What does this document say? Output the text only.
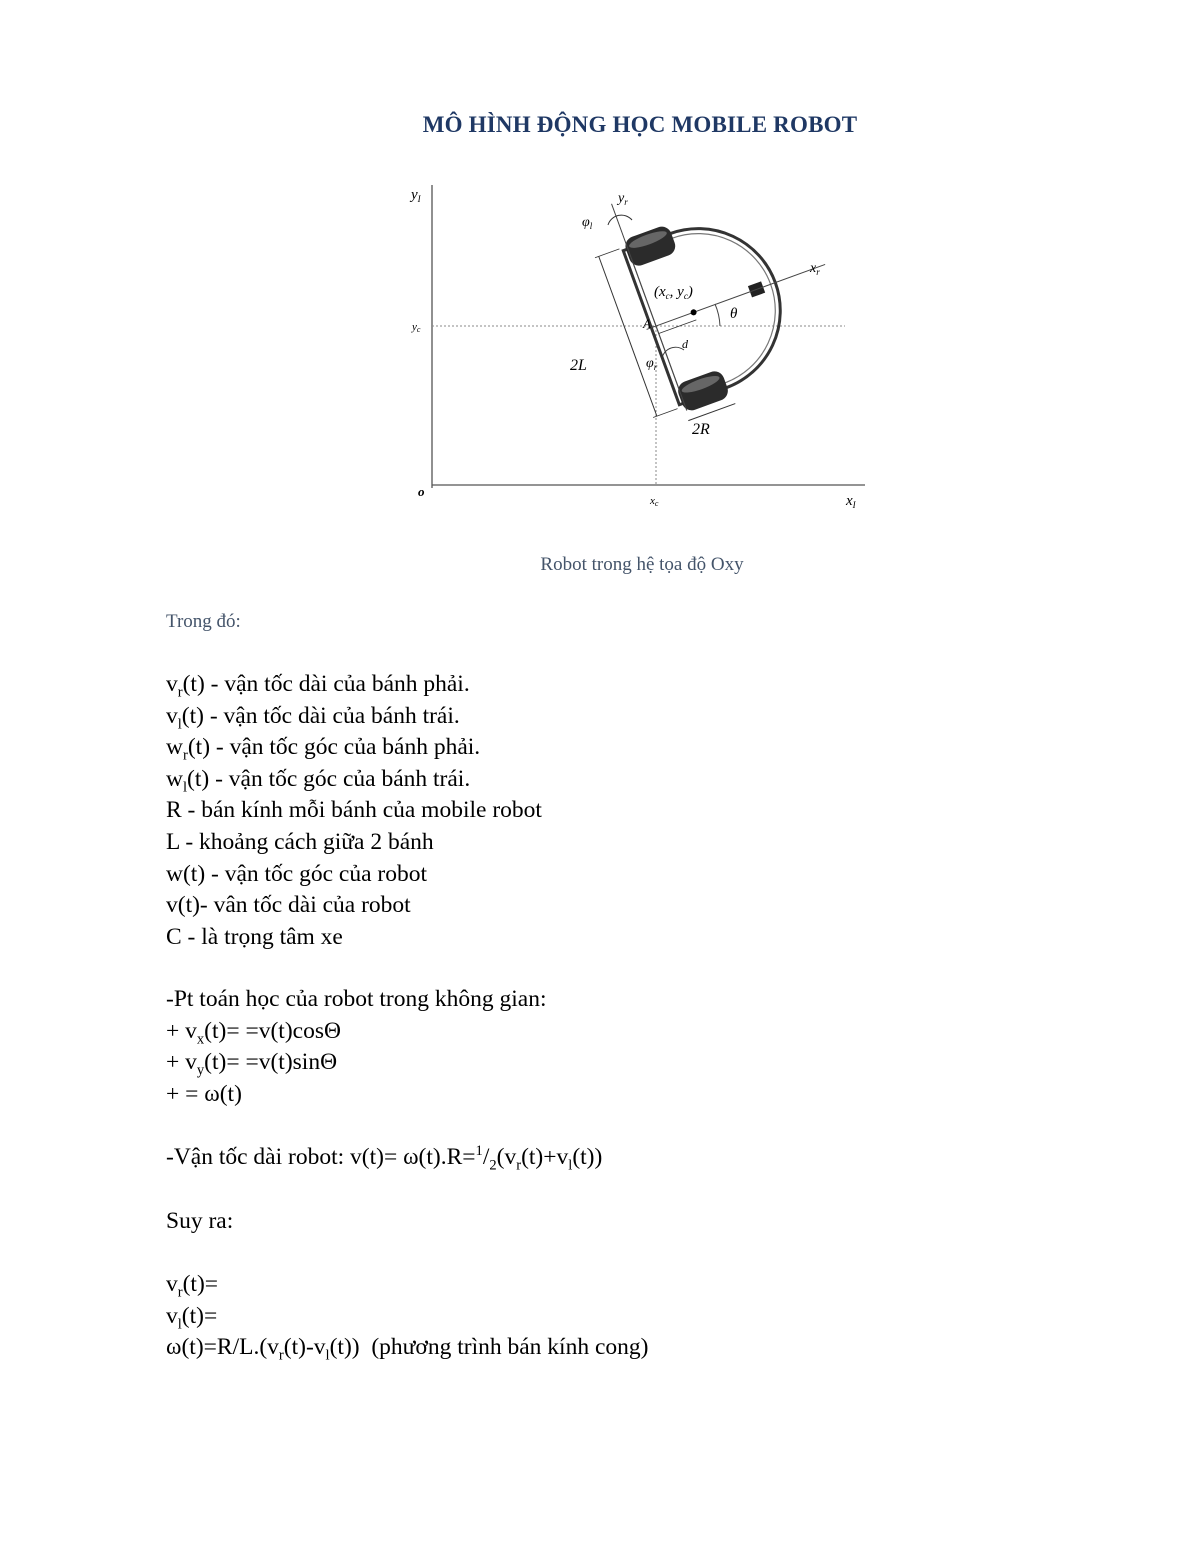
MÔ HÌNH ĐỘNG HỌC MOBILE ROBOT
$y_I$
$x_I$
o
yc
xc
$y_r$
$x_r$
$\varphi_l$
$\varphi_r$
($x_c$, $y_c$)
θ
A
d
2L
2R
Robot trong hệ tọa độ Oxy
Trong đó:
$v_r(t)$ - vận tốc dài của bánh phải.
$v_l(t)$ - vận tốc dài của bánh trái.
$w_r(t)$ - vận tốc góc của bánh phải.
$w_l(t)$ - vận tốc góc của bánh trái.
R - bán kính mỗi bánh của mobile robot
L - khoảng cách giữa 2 bánh
w(t) - vận tốc góc của robot
v(t)- vân tốc dài của robot
C - là trọng tâm xe
-Pt toán học của robot trong không gian:
+ $v_x(t)= =v(t)\cos\Theta$
+ $v_y(t)= =v(t)\sin\Theta$
+ = ω(t)
-Vận tốc dài robot: $v(t)= \omega(t).R=^1/_2(v_r(t)+v_l(t))$
Suy ra:
$v_r(t)=$
$v_l(t)=$
$\omega(t)=R/L.(v_r(t)-v_l(t))$ (phương trình bán kính cong)
